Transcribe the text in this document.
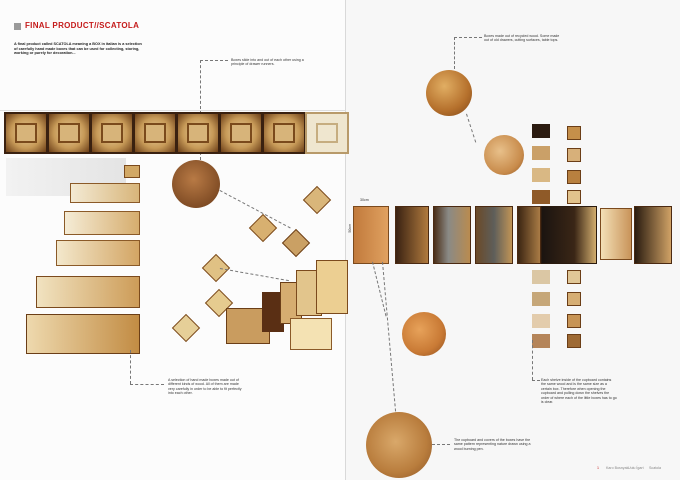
FINAL PRODUCT//SCATOLA
A final product called SCATOLA meaning a BOX in italian is a selection of carefully hand made boxes that can be used for collecting, storing, working or purely for decoration...
Boxes slide into and out of each other using a principle of drawer runners.
A selection of hand made boxes made out of different kinds of wood. All of them are made very carefully in order to be able to fit perfectly into each other.
Boxes made out of recycled wood. Some made out of old drawers, cutting surfaces, table tops.
30cm
50cm
Each shelve inside of the cupboard contains the same wood and is the same size as a certain box. Therefore when opening the cupboard and pulling down the shelves the order of where each of the little boxes has to go is clear.
The cupboard and covers of the boxes have the same pattern representing nature drawn using a wood burning pen.
1 Karo Bosnyak Uulu Ígart Scatola
